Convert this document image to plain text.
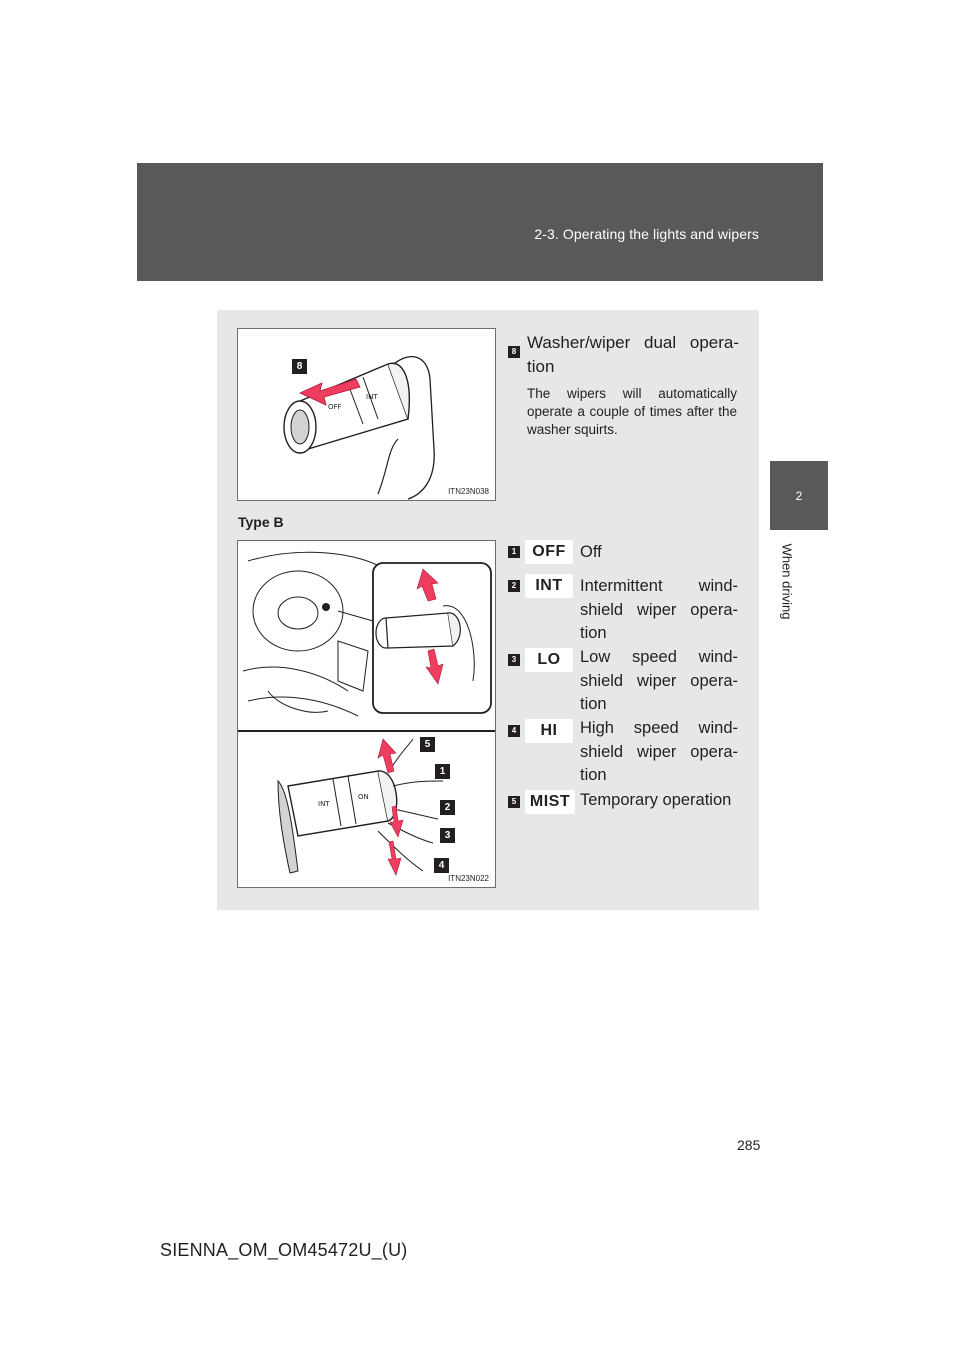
2-3. Operating the lights and wipers
2
When driving
OFF
INT
8
ITN23N038
8 Washer/wiper dual opera- tion
The wipers will automatically operate a couple of times after the washer squirts.
Type B
INT
ON
5
1
2
3
4
ITN23N022
1	OFF Off
2	INT	Intermittent wind- shield wiper opera- tion
3	LO	Low speed wind- shield wiper opera- tion
4	HI	High speed wind- shield wiper opera- tion
5 MIST Temporary operation
285
SIENNA_OM_OM45472U_(U)
